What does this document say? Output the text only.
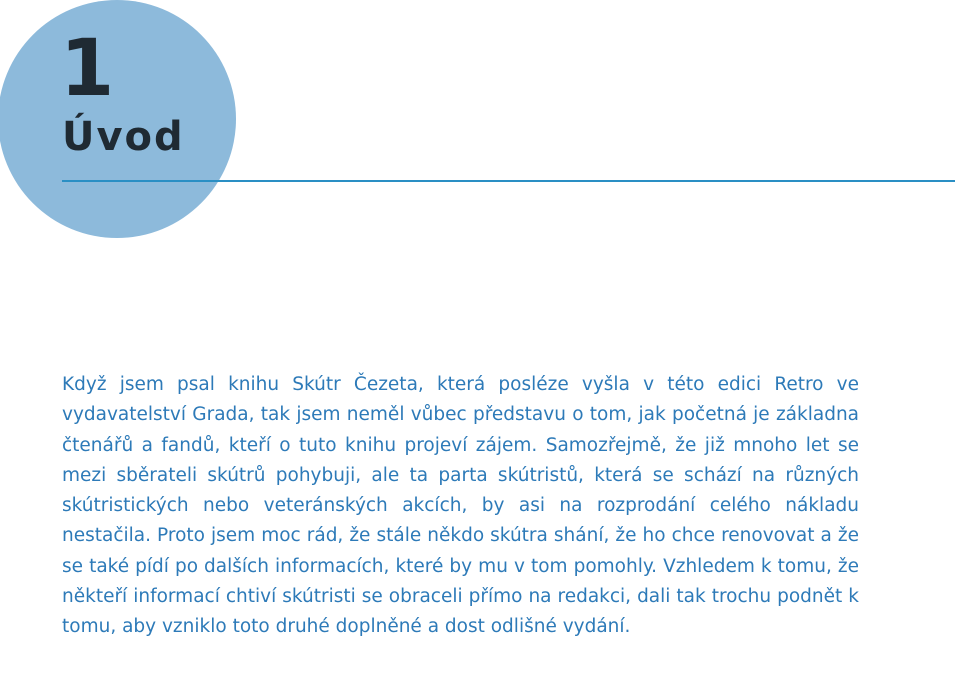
1
Úvod

Když jsem psal knihu Skútr Čezeta, která posléze vyšla v této edici Retro ve vydavatelství Grada, tak jsem neměl vůbec představu o tom, jak početná je základna čtenářů a fandů, kteří o tuto knihu projeví zájem. Samozřejmě, že již mnoho let se mezi sběrateli skútrů pohybuji, ale ta parta skútristů, která se schází na různých skútristických nebo veteránských akcích, by asi na rozprodání celého nákladu nestačila. Proto jsem moc rád, že stále někdo skútra shání, že ho chce renovovat a že se také pídí po dalších informacích, které by mu v tom pomohly. Vzhledem k tomu, že někteří informací chtiví skútristi se obraceli přímo na redakci, dali tak trochu podnět k tomu, aby vzniklo toto druhé doplněné a dost odlišné vydání.
